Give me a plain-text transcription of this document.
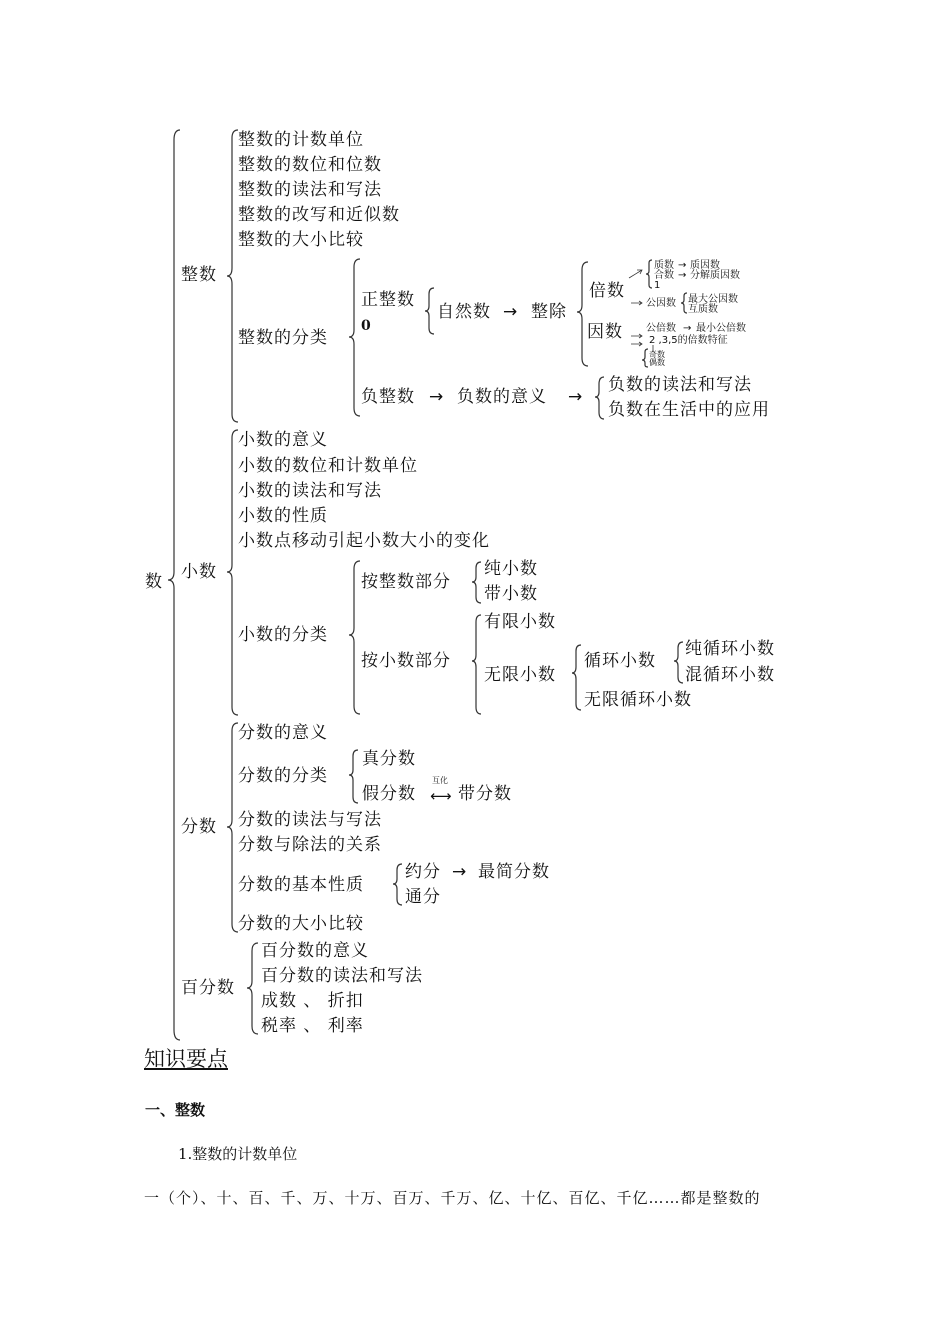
数
整数
整数的计数单位
整数的数位和位数
整数的读法和写法
整数的改写和近似数
整数的大小比较
整数的分类
正整数
0
自然数 → 整除
倍数
因数
质数 → 质因数
合数 → 分解质因数
1
公因数 最大公因数
互质数
公倍数 → 最小公倍数
2 ,3,5的倍数特征
奇数
偶数
负整数 → 负数的意义 →
负数的读法和写法
负数在生活中的应用
小数
小数的意义
小数的数位和计数单位
小数的读法和写法
小数的性质
小数点移动引起小数大小的变化
小数的分类
按整数部分
纯小数
带小数
按小数部分
有限小数
无限小数
循环小数
纯循环小数
混循环小数
无限循环小数
分数
分数的意义
分数的分类
真分数
假分数
互化
⟷ 带分数
分数的读法与写法
分数与除法的关系
分数的基本性质
约分 → 最简分数
通分
分数的大小比较
百分数
百分数的意义
百分数的读法和写法
成数 、 折扣
税率 、 利率
知识要点
一、整数
1.整数的计数单位
一（个）、十、百、千、万、十万、百万、千万、亿、十亿、百亿、千亿……都是整数的
